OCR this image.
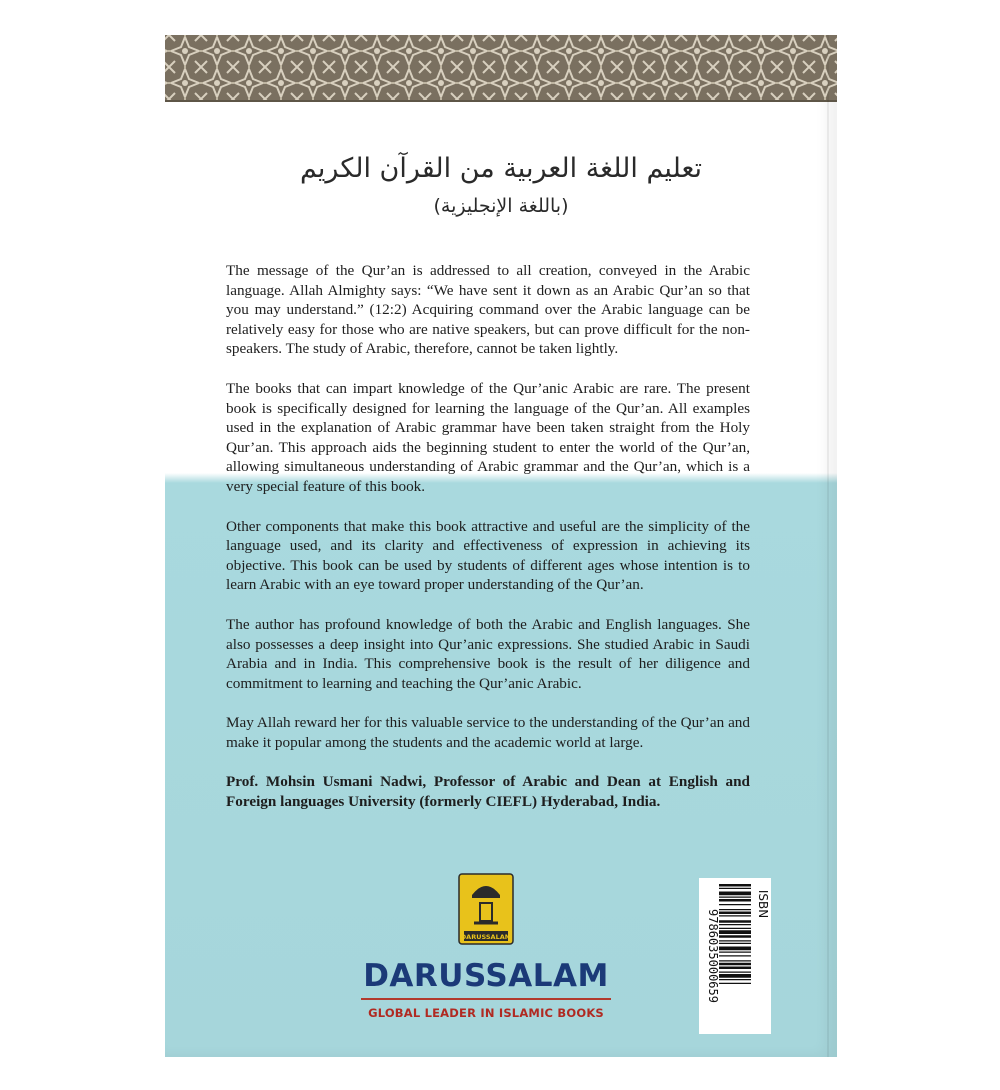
تعليم اللغة العربية من القرآن الكريم
(باللغة الإنجليزية)

The message of the Qur’an is addressed to all creation, conveyed in the Arabic language. Allah Almighty says: “We have sent it down as an Arabic Qur’an so that you may understand.” (12:2) Acquiring command over the Arabic language can be relatively easy for those who are native speakers, but can prove difficult for the non-speakers. The study of Arabic, therefore, cannot be taken lightly.

The books that can impart knowledge of the Qur’anic Arabic are rare. The present book is specifically designed for learning the language of the Qur’an. All examples used in the explanation of Arabic grammar have been taken straight from the Holy Qur’an. This approach aids the beginning student to enter the world of the Qur’an, allowing simultaneous understanding of Arabic grammar and the Qur’an, which is a very special feature of this book.

Other components that make this book attractive and useful are the simplicity of the language used, and its clarity and effectiveness of expression in achieving its objective. This book can be used by students of different ages whose intention is to learn Arabic with an eye toward proper understanding of the Qur’an.

The author has profound knowledge of both the Arabic and English languages. She also possesses a deep insight into Qur’anic expressions. She studied Arabic in Saudi Arabia and in India. This comprehensive book is the result of her diligence and commitment to learning and teaching the Qur’anic Arabic.

May Allah reward her for this valuable service to the understanding of the Qur’an and make it popular among the students and the academic world at large.

Prof. Mohsin Usmani Nadwi, Professor of Arabic and Dean at English and Foreign languages University (formerly CIEFL) Hyderabad, India.

DARUSSALAM
DARUSSALAM
GLOBAL LEADER IN ISLAMIC BOOKS
9786035000659
ISBN
